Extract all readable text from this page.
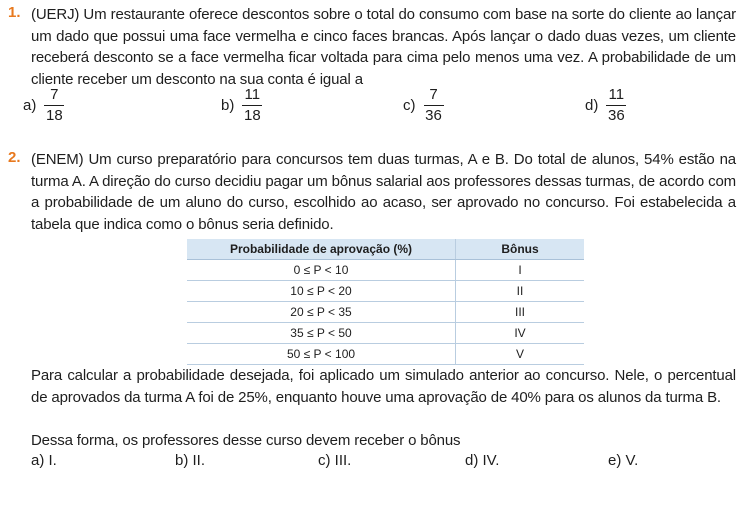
1. (UERJ) Um restaurante oferece descontos sobre o total do consumo com base na sorte do cliente ao lançar um dado que possui uma face vermelha e cinco faces brancas. Após lançar o dado duas vezes, um cliente receberá desconto se a face vermelha ficar voltada para cima pelo menos uma vez. A probabilidade de um cliente receber um desconto na sua conta é igual a
$a) \frac{7}{18}$	$b) \frac{11}{18}$	$c) \frac{7}{36}$	$d) \frac{11}{36}$
2. (ENEM) Um curso preparatório para concursos tem duas turmas, A e B. Do total de alunos, 54% estão na turma A. A direção do curso decidiu pagar um bônus salarial aos professores dessas turmas, de acordo com a probabilidade de um aluno do curso, escolhido ao acaso, ser aprovado no concurso. Foi estabelecida a tabela que indica como o bônus seria definido.
Probabilidade de aprovação (%)	Bônus
0 ≤ P < 10	I
10 ≤ P < 20	II
20 ≤ P < 35	III
35 ≤ P < 50	IV
50 ≤ P < 100	V
Para calcular a probabilidade desejada, foi aplicado um simulado anterior ao concurso. Nele, o percentual de aprovados da turma A foi de 25%, enquanto houve uma aprovação de 40% para os alunos da turma B.
Dessa forma, os professores desse curso devem receber o bônus
a) I.	b) II.	c) III.	d) IV.	e) V.
